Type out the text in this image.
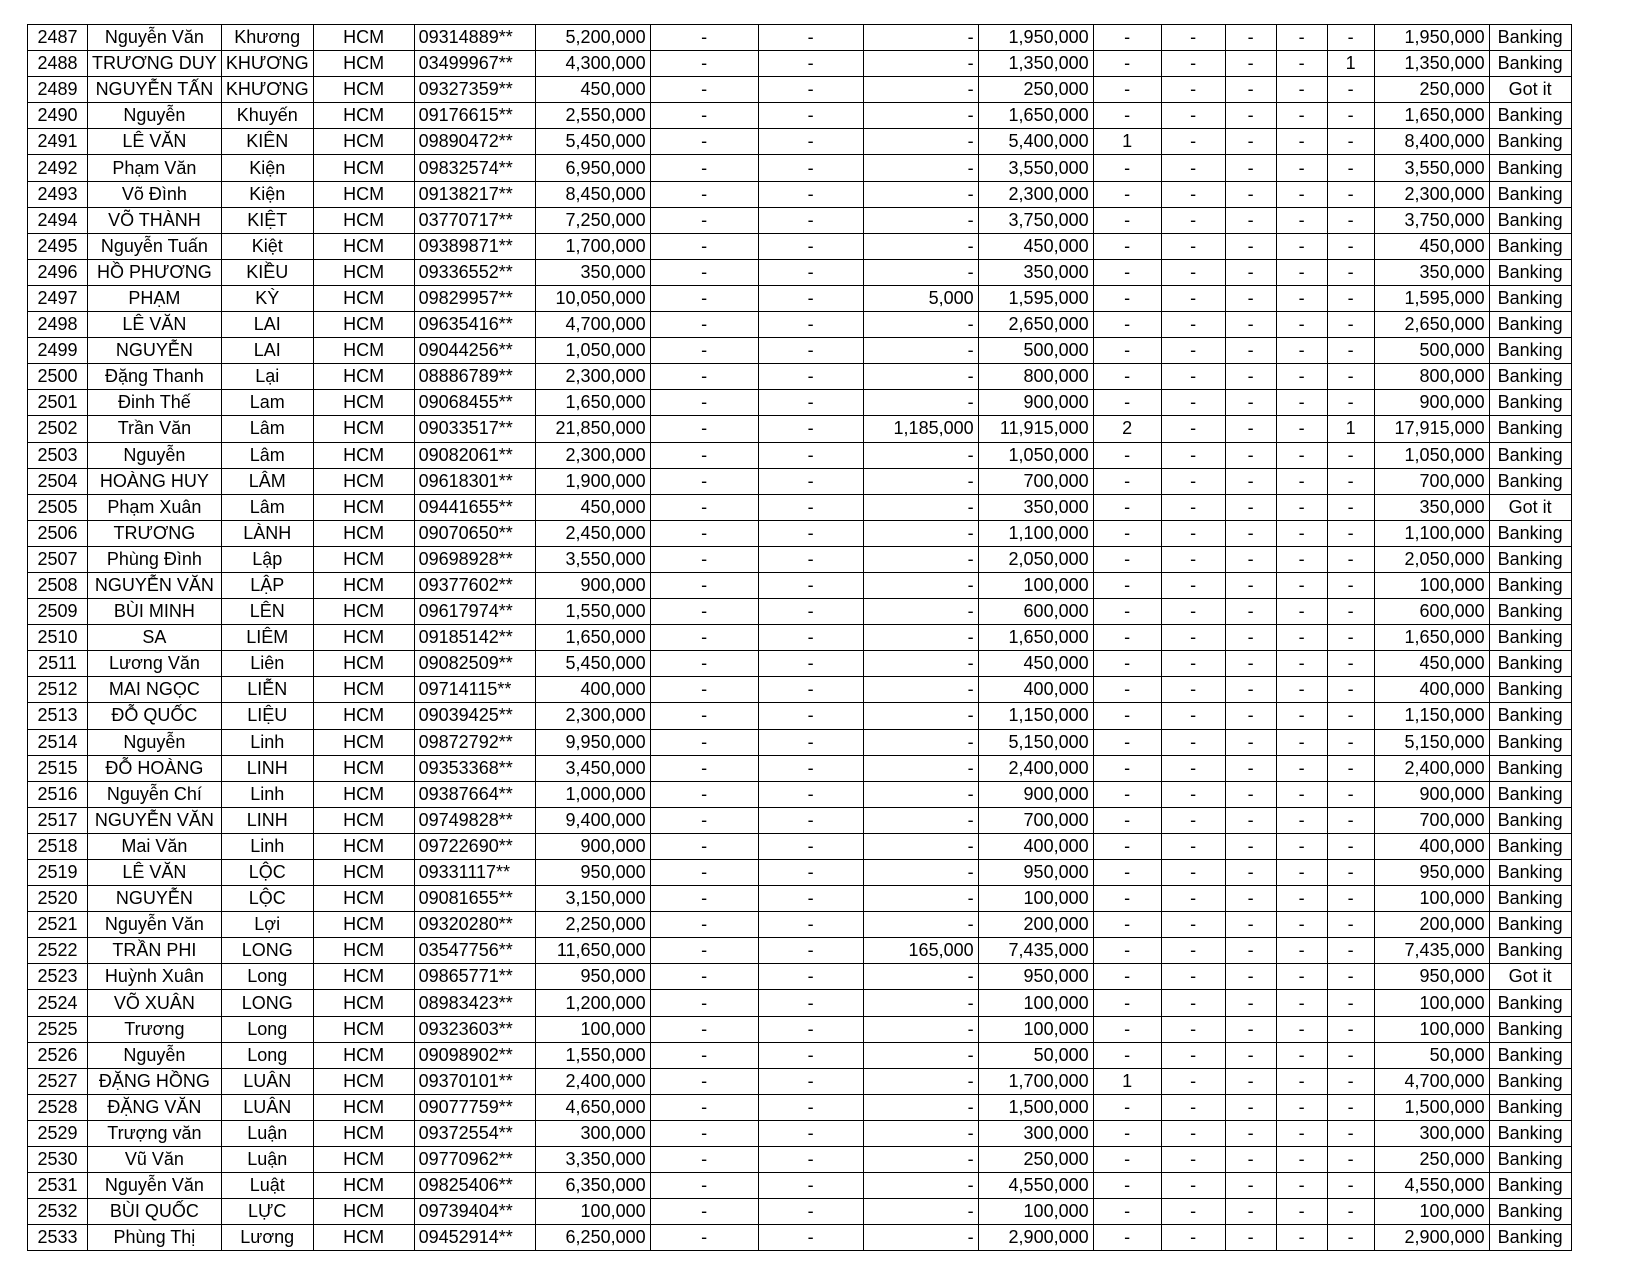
2487	Nguyễn Văn	Khương	HCM	09314889**	5,200,000	-	-	-	1,950,000	-	-	-	-	-	1,950,000	Banking
2488	TRƯƠNG DUY	KHƯƠNG	HCM	03499967**	4,300,000	-	-	-	1,350,000	-	-	-	-	1	1,350,000	Banking
2489	NGUYỄN TẤN	KHƯƠNG	HCM	09327359**	450,000	-	-	-	250,000	-	-	-	-	-	250,000	Got it
2490	Nguyễn	Khuyến	HCM	09176615**	2,550,000	-	-	-	1,650,000	-	-	-	-	-	1,650,000	Banking
2491	LÊ VĂN	KIÊN	HCM	09890472**	5,450,000	-	-	-	5,400,000	1	-	-	-	-	8,400,000	Banking
2492	Phạm Văn	Kiện	HCM	09832574**	6,950,000	-	-	-	3,550,000	-	-	-	-	-	3,550,000	Banking
2493	Võ Đình	Kiện	HCM	09138217**	8,450,000	-	-	-	2,300,000	-	-	-	-	-	2,300,000	Banking
2494	VÕ THÀNH	KIỆT	HCM	03770717**	7,250,000	-	-	-	3,750,000	-	-	-	-	-	3,750,000	Banking
2495	Nguyễn Tuấn	Kiệt	HCM	09389871**	1,700,000	-	-	-	450,000	-	-	-	-	-	450,000	Banking
2496	HỒ PHƯƠNG	KIỀU	HCM	09336552**	350,000	-	-	-	350,000	-	-	-	-	-	350,000	Banking
2497	PHẠM	KỲ	HCM	09829957**	10,050,000	-	-	5,000	1,595,000	-	-	-	-	-	1,595,000	Banking
2498	LÊ VĂN	LAI	HCM	09635416**	4,700,000	-	-	-	2,650,000	-	-	-	-	-	2,650,000	Banking
2499	NGUYỄN	LAI	HCM	09044256**	1,050,000	-	-	-	500,000	-	-	-	-	-	500,000	Banking
2500	Đặng Thanh	Lại	HCM	08886789**	2,300,000	-	-	-	800,000	-	-	-	-	-	800,000	Banking
2501	Đinh Thế	Lam	HCM	09068455**	1,650,000	-	-	-	900,000	-	-	-	-	-	900,000	Banking
2502	Trần Văn	Lâm	HCM	09033517**	21,850,000	-	-	1,185,000	11,915,000	2	-	-	-	1	17,915,000	Banking
2503	Nguyễn	Lâm	HCM	09082061**	2,300,000	-	-	-	1,050,000	-	-	-	-	-	1,050,000	Banking
2504	HOÀNG HUY	LÂM	HCM	09618301**	1,900,000	-	-	-	700,000	-	-	-	-	-	700,000	Banking
2505	Phạm Xuân	Lâm	HCM	09441655**	450,000	-	-	-	350,000	-	-	-	-	-	350,000	Got it
2506	TRƯƠNG	LÀNH	HCM	09070650**	2,450,000	-	-	-	1,100,000	-	-	-	-	-	1,100,000	Banking
2507	Phùng Đình	Lập	HCM	09698928**	3,550,000	-	-	-	2,050,000	-	-	-	-	-	2,050,000	Banking
2508	NGUYỄN VĂN	LẬP	HCM	09377602**	900,000	-	-	-	100,000	-	-	-	-	-	100,000	Banking
2509	BÙI MINH	LÊN	HCM	09617974**	1,550,000	-	-	-	600,000	-	-	-	-	-	600,000	Banking
2510	SA	LIÊM	HCM	09185142**	1,650,000	-	-	-	1,650,000	-	-	-	-	-	1,650,000	Banking
2511	Lương Văn	Liên	HCM	09082509**	5,450,000	-	-	-	450,000	-	-	-	-	-	450,000	Banking
2512	MAI NGỌC	LIỄN	HCM	09714115**	400,000	-	-	-	400,000	-	-	-	-	-	400,000	Banking
2513	ĐỖ QUỐC	LIỆU	HCM	09039425**	2,300,000	-	-	-	1,150,000	-	-	-	-	-	1,150,000	Banking
2514	Nguyễn	Linh	HCM	09872792**	9,950,000	-	-	-	5,150,000	-	-	-	-	-	5,150,000	Banking
2515	ĐỖ HOÀNG	LINH	HCM	09353368**	3,450,000	-	-	-	2,400,000	-	-	-	-	-	2,400,000	Banking
2516	Nguyễn Chí	Linh	HCM	09387664**	1,000,000	-	-	-	900,000	-	-	-	-	-	900,000	Banking
2517	NGUYỄN VĂN	LINH	HCM	09749828**	9,400,000	-	-	-	700,000	-	-	-	-	-	700,000	Banking
2518	Mai Văn	Linh	HCM	09722690**	900,000	-	-	-	400,000	-	-	-	-	-	400,000	Banking
2519	LÊ VĂN	LỘC	HCM	09331117**	950,000	-	-	-	950,000	-	-	-	-	-	950,000	Banking
2520	NGUYỄN	LỘC	HCM	09081655**	3,150,000	-	-	-	100,000	-	-	-	-	-	100,000	Banking
2521	Nguyễn Văn	Lợi	HCM	09320280**	2,250,000	-	-	-	200,000	-	-	-	-	-	200,000	Banking
2522	TRẦN PHI	LONG	HCM	03547756**	11,650,000	-	-	165,000	7,435,000	-	-	-	-	-	7,435,000	Banking
2523	Huỳnh Xuân	Long	HCM	09865771**	950,000	-	-	-	950,000	-	-	-	-	-	950,000	Got it
2524	VÕ XUÂN	LONG	HCM	08983423**	1,200,000	-	-	-	100,000	-	-	-	-	-	100,000	Banking
2525	Trương	Long	HCM	09323603**	100,000	-	-	-	100,000	-	-	-	-	-	100,000	Banking
2526	Nguyễn	Long	HCM	09098902**	1,550,000	-	-	-	50,000	-	-	-	-	-	50,000	Banking
2527	ĐẶNG HỒNG	LUÂN	HCM	09370101**	2,400,000	-	-	-	1,700,000	1	-	-	-	-	4,700,000	Banking
2528	ĐẶNG VĂN	LUÂN	HCM	09077759**	4,650,000	-	-	-	1,500,000	-	-	-	-	-	1,500,000	Banking
2529	Trượng văn	Luận	HCM	09372554**	300,000	-	-	-	300,000	-	-	-	-	-	300,000	Banking
2530	Vũ Văn	Luận	HCM	09770962**	3,350,000	-	-	-	250,000	-	-	-	-	-	250,000	Banking
2531	Nguyễn Văn	Luật	HCM	09825406**	6,350,000	-	-	-	4,550,000	-	-	-	-	-	4,550,000	Banking
2532	BÙI QUỐC	LỰC	HCM	09739404**	100,000	-	-	-	100,000	-	-	-	-	-	100,000	Banking
2533	Phùng Thị	Lương	HCM	09452914**	6,250,000	-	-	-	2,900,000	-	-	-	-	-	2,900,000	Banking
